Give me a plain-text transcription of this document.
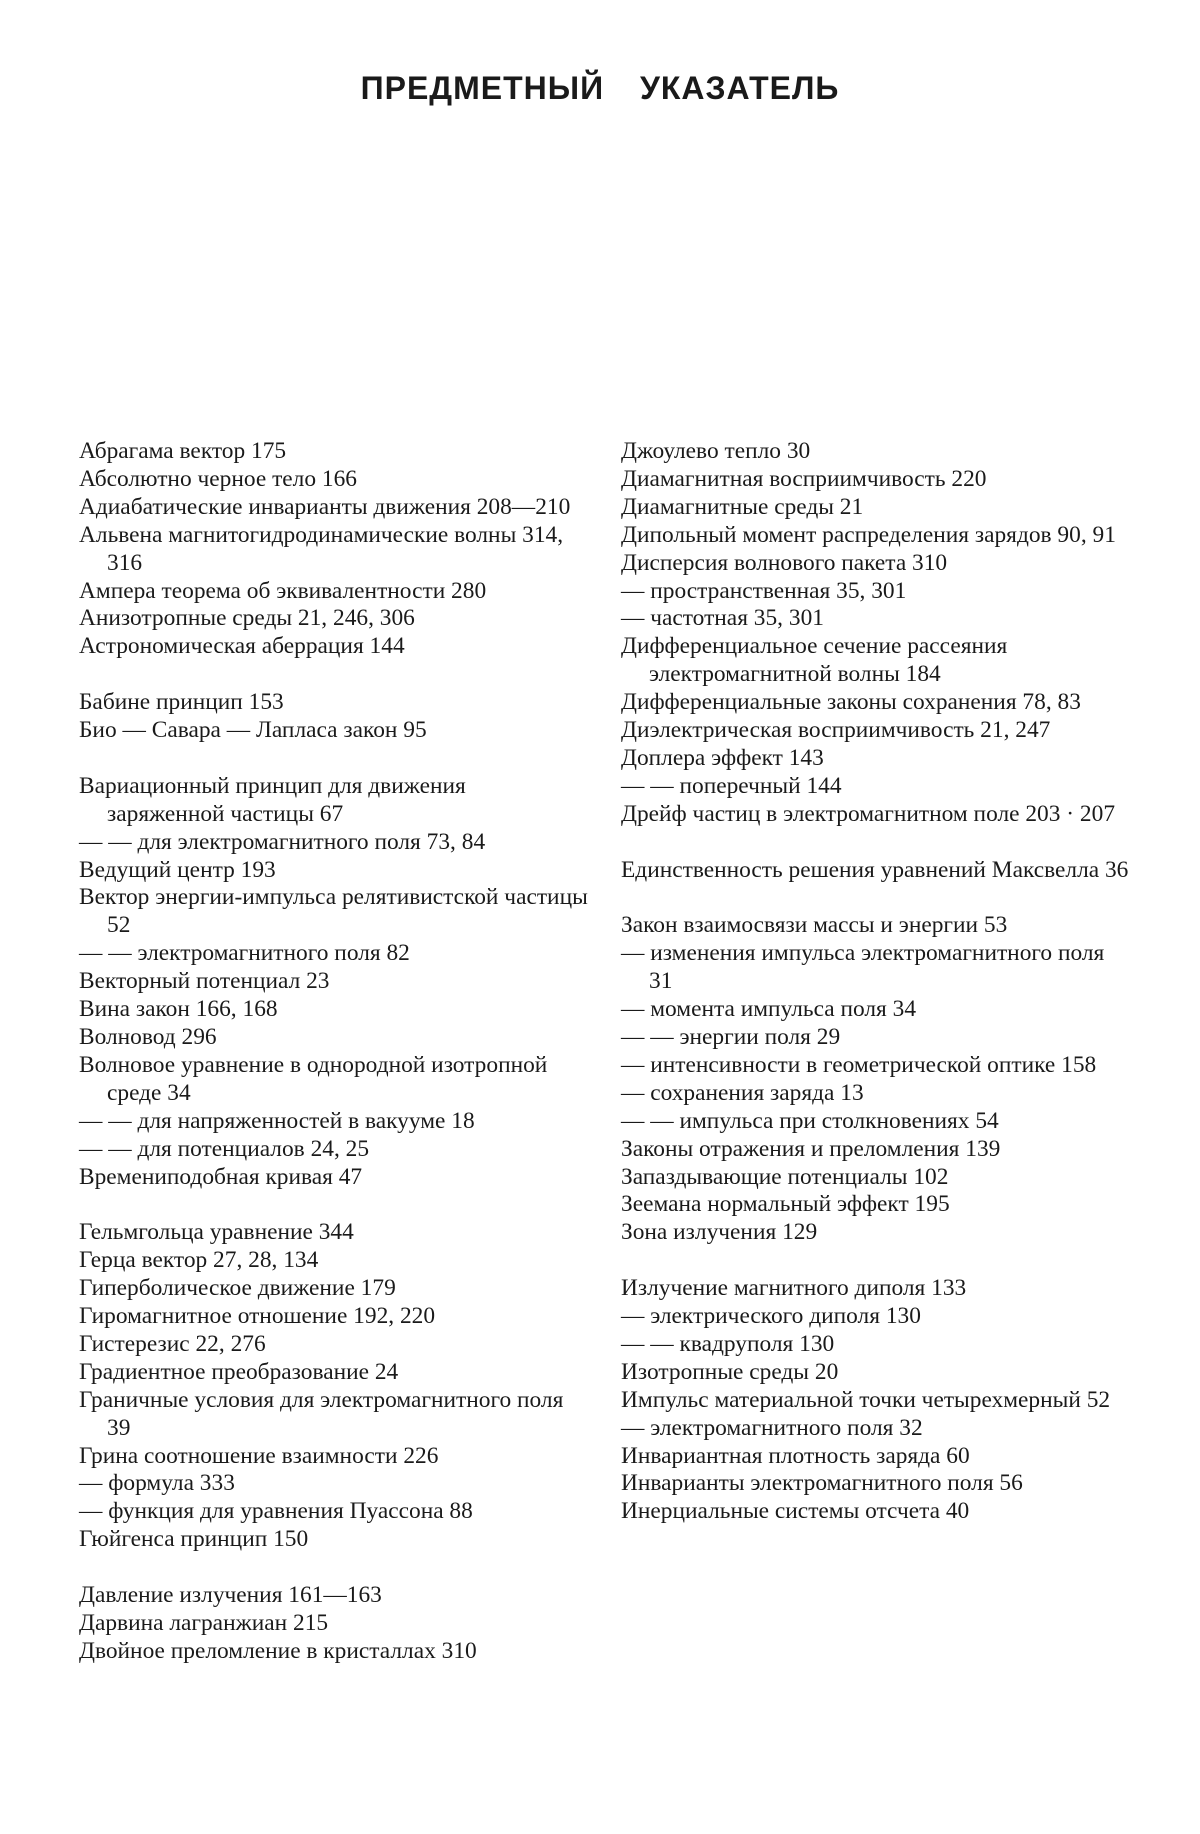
ПРЕДМЕТНЫЙ УКАЗАТЕЛЬ
Абрагама вектор 175
Абсолютно черное тело 166
Адиабатические инварианты движения 208—210
Альвена магнитогидродинамические волны 314, 316
Ампера теорема об эквивалентности 280
Анизотропные среды 21, 246, 306
Астрономическая аберрация 144
Бабине принцип 153
Био — Савара — Лапласа закон 95
Вариационный принцип для движения заряженной частицы 67
— — для электромагнитного поля 73, 84
Ведущий центр 193
Вектор энергии-импульса релятивистской частицы 52
— — электромагнитного поля 82
Векторный потенциал 23
Вина закон 166, 168
Волновод 296
Волновое уравнение в однородной изотропной среде 34
— — для напряженностей в вакууме 18
— — для потенциалов 24, 25
Времениподобная кривая 47
Гельмгольца уравнение 344
Герца вектор 27, 28, 134
Гиперболическое движение 179
Гиромагнитное отношение 192, 220
Гистерезис 22, 276
Градиентное преобразование 24
Граничные условия для электромагнитного поля 39
Грина соотношение взаимности 226
— формула 333
— функция для уравнения Пуассона 88
Гюйгенса принцип 150
Давление излучения 161—163
Дарвина лагранжиан 215
Двойное преломление в кристаллах 310
Джоулево тепло 30
Диамагнитная восприимчивость 220
Диамагнитные среды 21
Дипольный момент распределения зарядов 90, 91
Дисперсия волнового пакета 310
— пространственная 35, 301
— частотная 35, 301
Дифференциальное сечение рассеяния электромагнитной волны 184
Дифференциальные законы сохранения 78, 83
Диэлектрическая восприимчивость 21, 247
Доплера эффект 143
— — поперечный 144
Дрейф частиц в электромагнитном поле 203 · 207
Единственность решения уравнений Максвелла 36
Закон взаимосвязи массы и энергии 53
— изменения импульса электромагнитного поля 31
— момента импульса поля 34
— — энергии поля 29
— интенсивности в геометрической оптике 158
— сохранения заряда 13
— — импульса при столкновениях 54
Законы отражения и преломления 139
Запаздывающие потенциалы 102
Зеемана нормальный эффект 195
Зона излучения 129
Излучение магнитного диполя 133
— электрического диполя 130
— — квадруполя 130
Изотропные среды 20
Импульс материальной точки четырехмерный 52
— электромагнитного поля 32
Инвариантная плотность заряда 60
Инварианты электромагнитного поля 56
Инерциальные системы отсчета 40
